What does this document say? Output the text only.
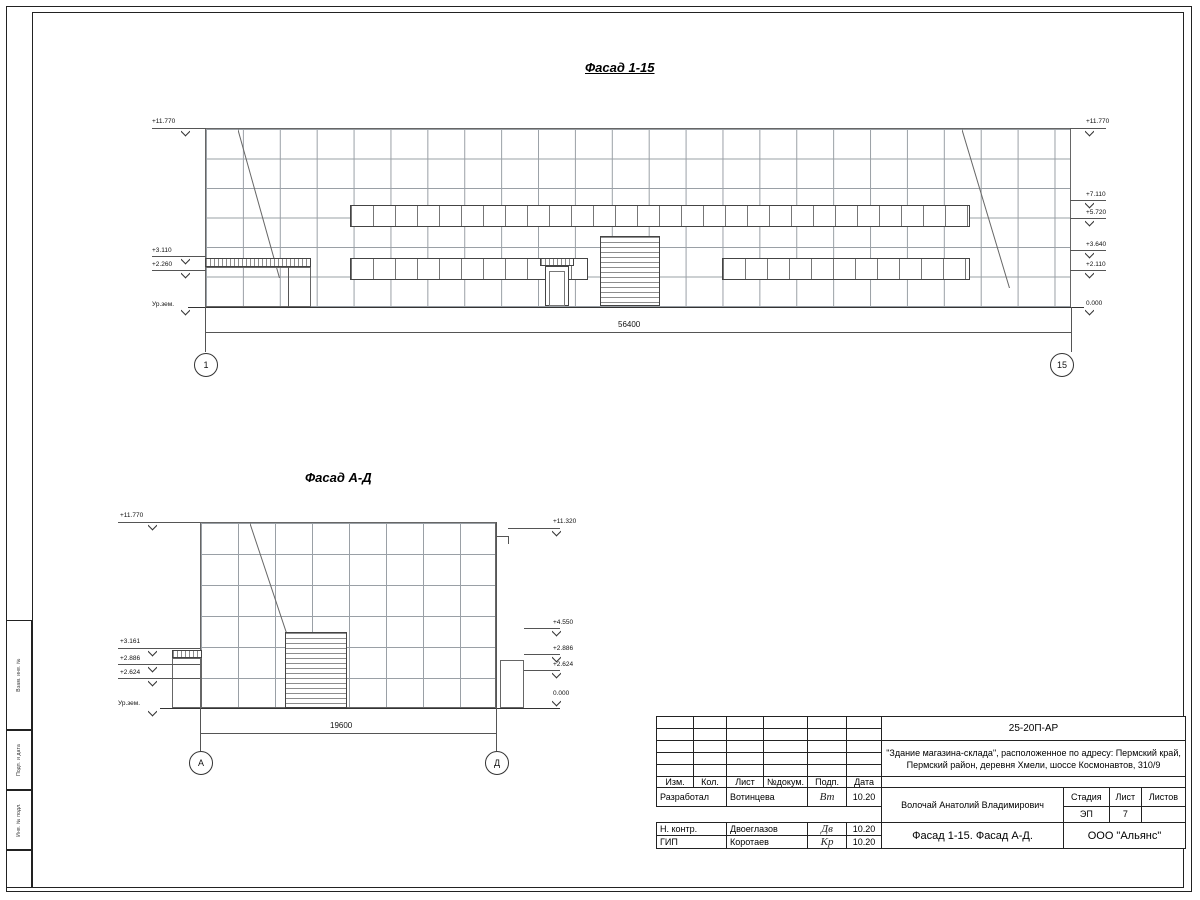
Взам. инв. №
Подп. и дата
Инв. № подл.
Фасад 1-15
+11.770
+3.110
+2.260
Ур.зем.
+11.770
+7.110
+5.720
+3.640
+2.110
0.000
56400
1	15
Фасад А-Д
+11.770
+3.161
+2.886
+2.624
Ур.зем.
+11.320
+4.550
+2.886
+2.624
0.000
19600
А	Д
						25-20П-АР			

						"Здание магазина-склада", расположенное по адресу: Пермский край,
Пермский район, деревня Хмели, шоссе Космонавтов, 310/9			

Изм.	Кол.	Лист	№докум.	Подп.	Дата				
Разработал		Вотинцева		Вт	10.20	Волочай Анатолий Владимирович	Стадия	Лист	Листов
							ЭП	7	
Н. контр.		Двоеглазов		Дв	10.20	Фасад 1-15. Фасад А-Д.	ООО "Альянс"		
ГИП		Коротаев		Кр	10.20				
